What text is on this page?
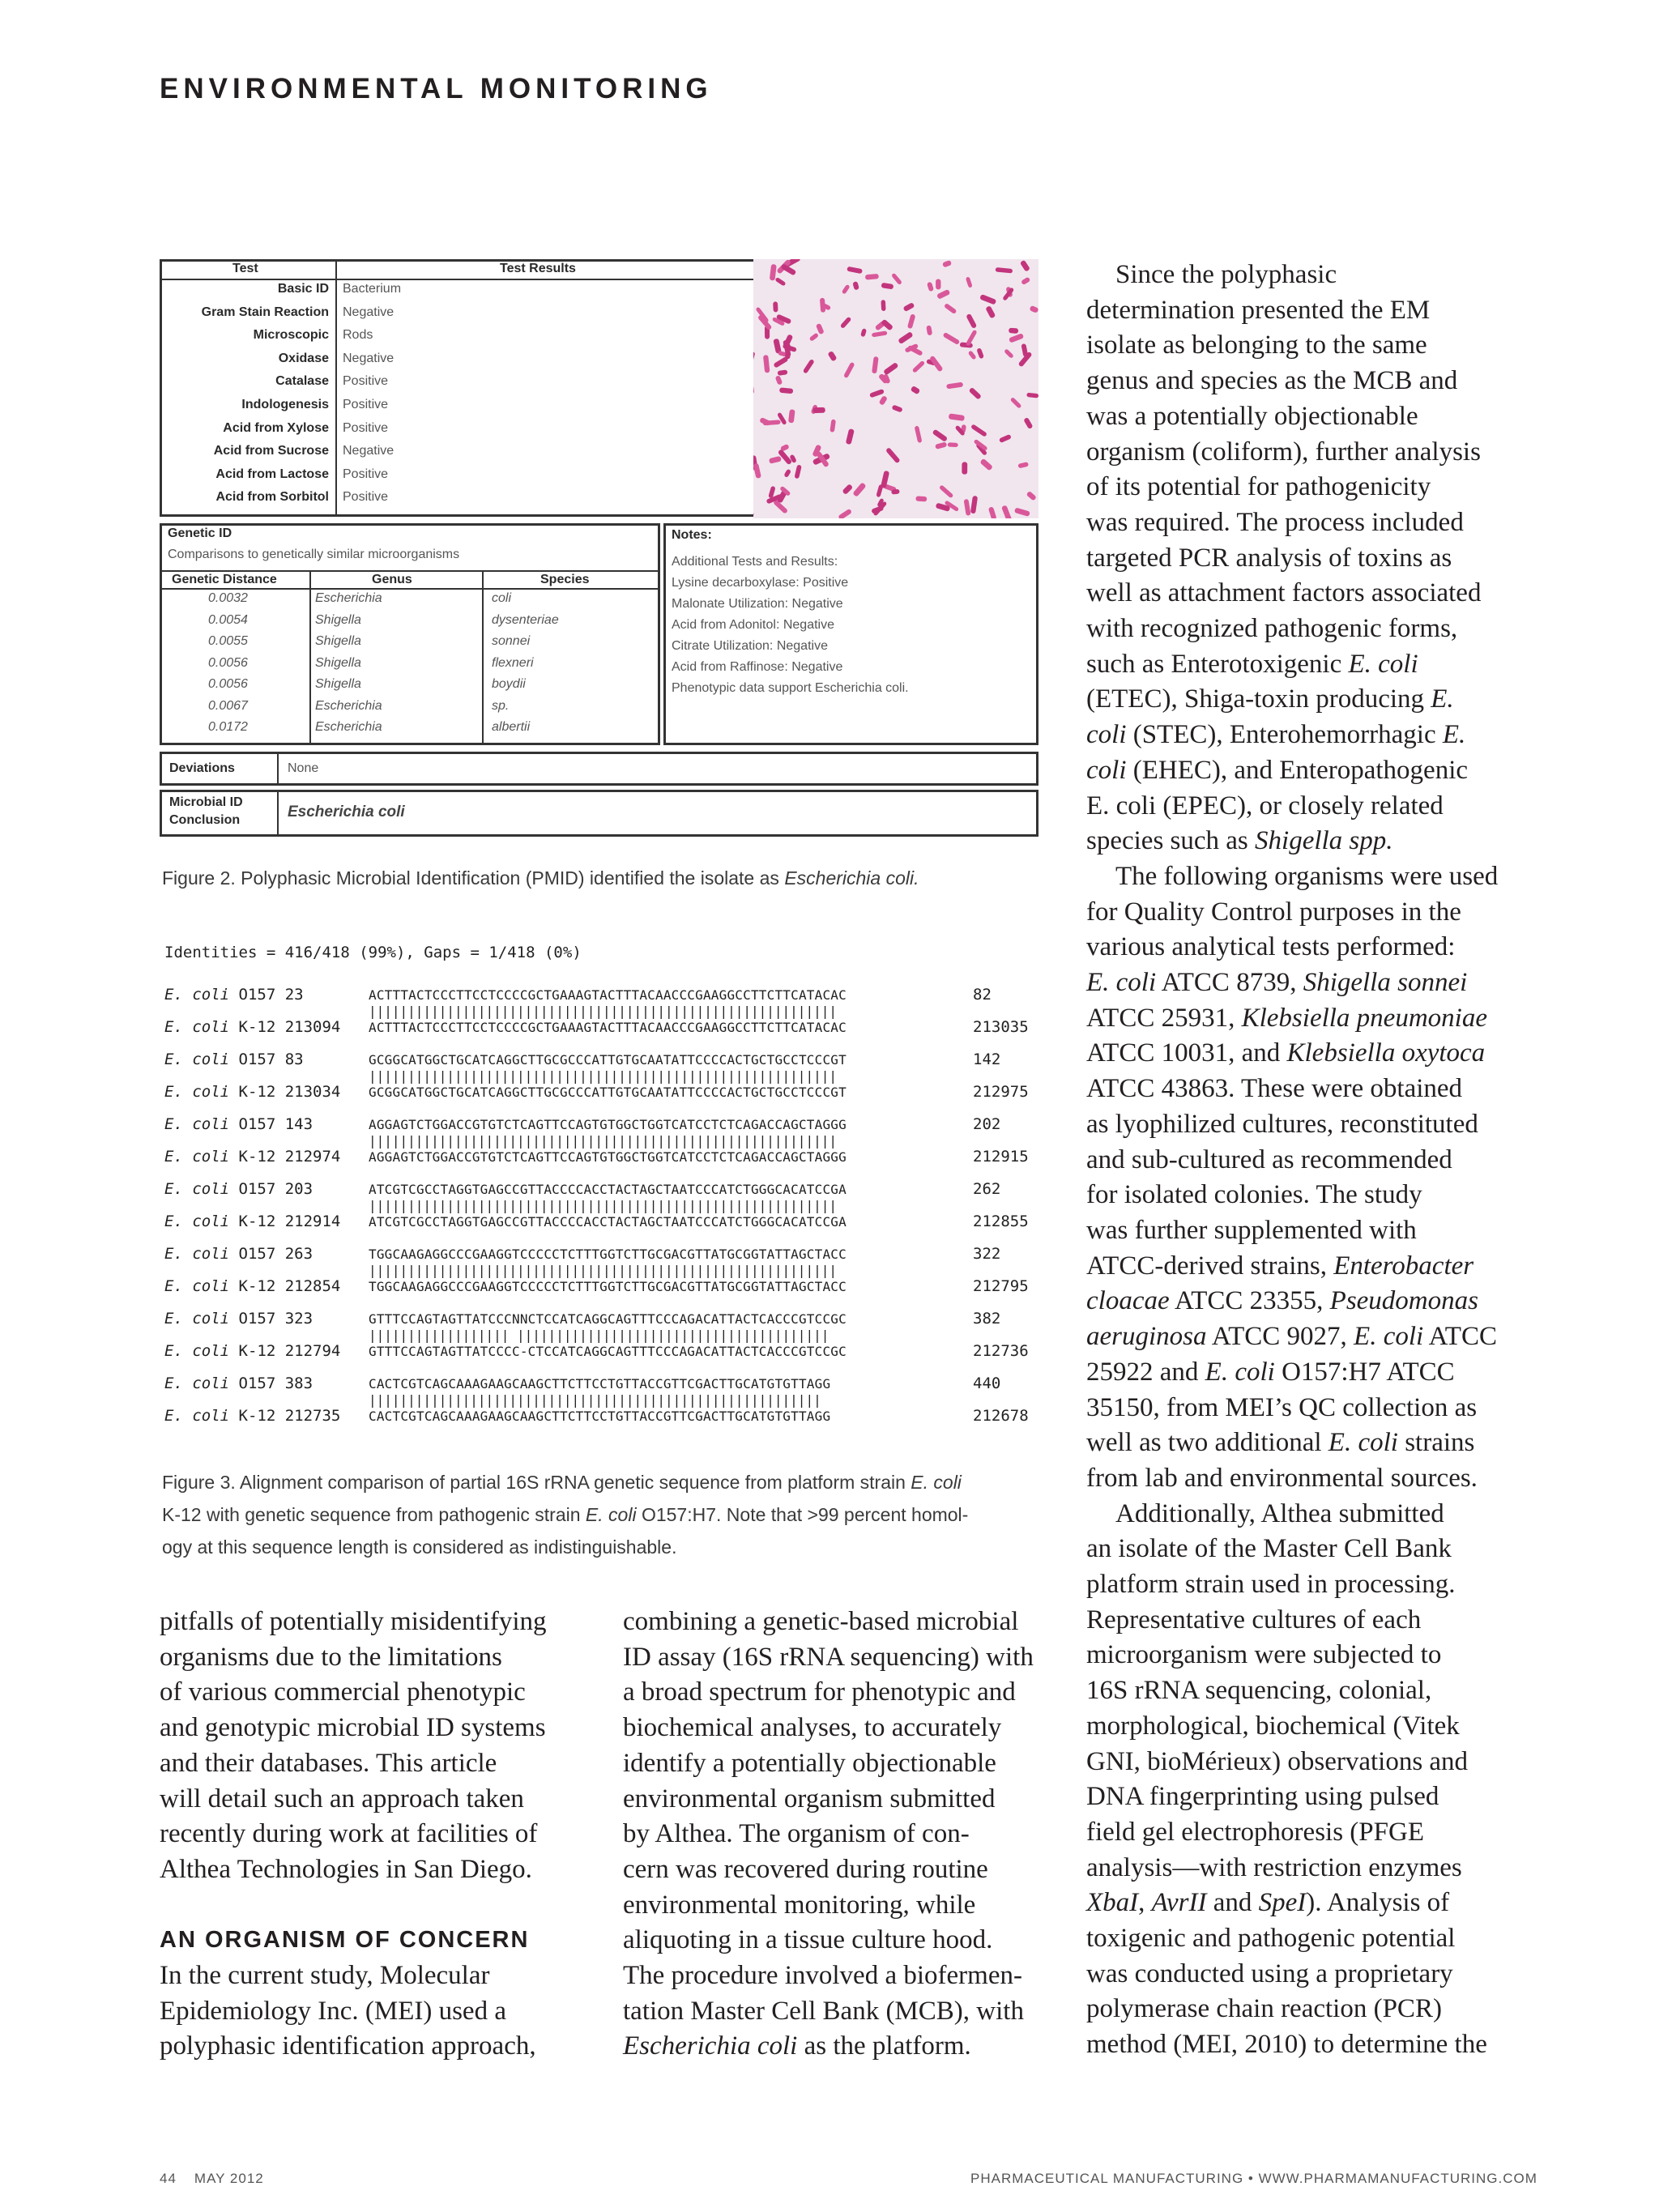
ENVIRONMENTAL MONITORING
Test	Test Results
Basic ID Bacterium
Gram Stain Reaction Negative
Microscopic Rods
Oxidase Negative
Catalase Positive
Indologenesis Positive
Acid from Xylose Positive
Acid from Sucrose Negative
Acid from Lactose Positive
Acid from Sorbitol Positive
Genetic ID
Comparisons to genetically similar microorganisms
Genetic Distance	Genus	Species
0.0032	Escherichia	coli
0.0054	Shigella	dysenteriae
0.0055	Shigella	sonnei
0.0056	Shigella	flexneri
0.0056	Shigella	boydii
0.0067	Escherichia	sp.
0.0172	Escherichia	albertii
Notes:
Additional Tests and Results:
Lysine decarboxylase: Positive
Malonate Utilization: Negative
Acid from Adonitol: Negative
Citrate Utilization: Negative
Acid from Raffinose: Negative
Phenotypic data support Escherichia coli.
Deviations	None
Microbial ID
Conclusion	Escherichia coli
Figure 2. Polyphasic Microbial Identification (PMID) identified the isolate as Escherichia coli.
Identities = 416/418 (99%), Gaps = 1/418 (0%)
E. coli O157 23	ACTTTACTCCCTTCCTCCCCGCTGAAAGTACTTTACAACCCGAAGGCCTTCTTCATACAC	82
||||||||||||||||||||||||||||||||||||||||||||||||||||||||||||
E. coli K-12 213094 ACTTTACTCCCTTCCTCCCCGCTGAAAGTACTTTACAACCCGAAGGCCTTCTTCATACAC	213035
E. coli O157 83	GCGGCATGGCTGCATCAGGCTTGCGCCCATTGTGCAATATTCCCCACTGCTGCCTCCCGT	142
||||||||||||||||||||||||||||||||||||||||||||||||||||||||||||
E. coli K-12 213034 GCGGCATGGCTGCATCAGGCTTGCGCCCATTGTGCAATATTCCCCACTGCTGCCTCCCGT	212975
E. coli O157 143	AGGAGTCTGGACCGTGTCTCAGTTCCAGTGTGGCTGGTCATCCTCTCAGACCAGCTAGGG	202
||||||||||||||||||||||||||||||||||||||||||||||||||||||||||||
E. coli K-12 212974 AGGAGTCTGGACCGTGTCTCAGTTCCAGTGTGGCTGGTCATCCTCTCAGACCAGCTAGGG	212915
E. coli O157 203	ATCGTCGCCTAGGTGAGCCGTTACCCCACCTACTAGCTAATCCCATCTGGGCACATCCGA	262
||||||||||||||||||||||||||||||||||||||||||||||||||||||||||||
E. coli K-12 212914 ATCGTCGCCTAGGTGAGCCGTTACCCCACCTACTAGCTAATCCCATCTGGGCACATCCGA	212855
E. coli O157 263	TGGCAAGAGGCCCGAAGGTCCCCCTCTTTGGTCTTGCGACGTTATGCGGTATTAGCTACC	322
||||||||||||||||||||||||||||||||||||||||||||||||||||||||||||
E. coli K-12 212854 TGGCAAGAGGCCCGAAGGTCCCCCTCTTTGGTCTTGCGACGTTATGCGGTATTAGCTACC	212795
E. coli O157 323	GTTTCCAGTAGTTATCCCNNCTCCATCAGGCAGTTTCCCAGACATTACTCACCCGTCCGC	382
|||||||||||||||||| ||||||||||||||||||||||||||||||||||||||||
E. coli K-12 212794 GTTTCCAGTAGTTATCCCC-CTCCATCAGGCAGTTTCCCAGACATTACTCACCCGTCCGC	212736
E. coli O157 383	CACTCGTCAGCAAAGAAGCAAGCTTCTTCCTGTTACCGTTCGACTTGCATGTGTTAGG	440
||||||||||||||||||||||||||||||||||||||||||||||||||||||||||
E. coli K-12 212735 CACTCGTCAGCAAAGAAGCAAGCTTCTTCCTGTTACCGTTCGACTTGCATGTGTTAGG	212678
Figure 3. Alignment comparison of partial 16S rRNA genetic sequence from platform strain E. coli
K-12 with genetic sequence from pathogenic strain E. coli O157:H7. Note that >99 percent homol-
ogy at this sequence length is considered as indistinguishable.
pitfalls of potentially misidentifying
organisms due to the limitations
of various commercial phenotypic
and genotypic microbial ID systems
and their databases. This article
will detail such an approach taken
recently during work at facilities of
Althea Technologies in San Diego.
AN ORGANISM OF CONCERN
In the current study, Molecular
Epidemiology Inc. (MEI) used a
polyphasic identification approach,
combining a genetic-based microbial
ID assay (16S rRNA sequencing) with
a broad spectrum for phenotypic and
biochemical analyses, to accurately
identify a potentially objectionable
environmental organism submitted
by Althea. The organism of con-
cern was recovered during routine
environmental monitoring, while
aliquoting in a tissue culture hood.
The procedure involved a biofermen-
tation Master Cell Bank (MCB), with
Escherichia coli as the platform.
Since the polyphasic
determination presented the EM
isolate as belonging to the same
genus and species as the MCB and
was a potentially objectionable
organism (coliform), further analysis
of its potential for pathogenicity
was required. The process included
targeted PCR analysis of toxins as
well as attachment factors associated
with recognized pathogenic forms,
such as Enterotoxigenic E. coli
(ETEC), Shiga-toxin producing E.
coli (STEC), Enterohemorrhagic E.
coli (EHEC), and Enteropathogenic
E. coli (EPEC), or closely related
species such as Shigella spp.
The following organisms were used
for Quality Control purposes in the
various analytical tests performed:
E. coli ATCC 8739, Shigella sonnei
ATCC 25931, Klebsiella pneumoniae
ATCC 10031, and Klebsiella oxytoca
ATCC 43863. These were obtained
as lyophilized cultures, reconstituted
and sub-cultured as recommended
for isolated colonies. The study
was further supplemented with
ATCC-derived strains, Enterobacter
cloacae ATCC 23355, Pseudomonas
aeruginosa ATCC 9027, E. coli ATCC
25922 and E. coli O157:H7 ATCC
35150, from MEI’s QC collection as
well as two additional E. coli strains
from lab and environmental sources.
Additionally, Althea submitted
an isolate of the Master Cell Bank
platform strain used in processing.
Representative cultures of each
microorganism were subjected to
16S rRNA sequencing, colonial,
morphological, biochemical (Vitek
GNI, bioMérieux) observations and
DNA fingerprinting using pulsed
field gel electrophoresis (PFGE
analysis—with restriction enzymes
XbaI, AvrII and SpeI). Analysis of
toxigenic and pathogenic potential
was conducted using a proprietary
polymerase chain reaction (PCR)
method (MEI, 2010) to determine the
44 MAY 2012	PHARMACEUTICAL MANUFACTURING • WWW.PHARMAMANUFACTURING.COM
